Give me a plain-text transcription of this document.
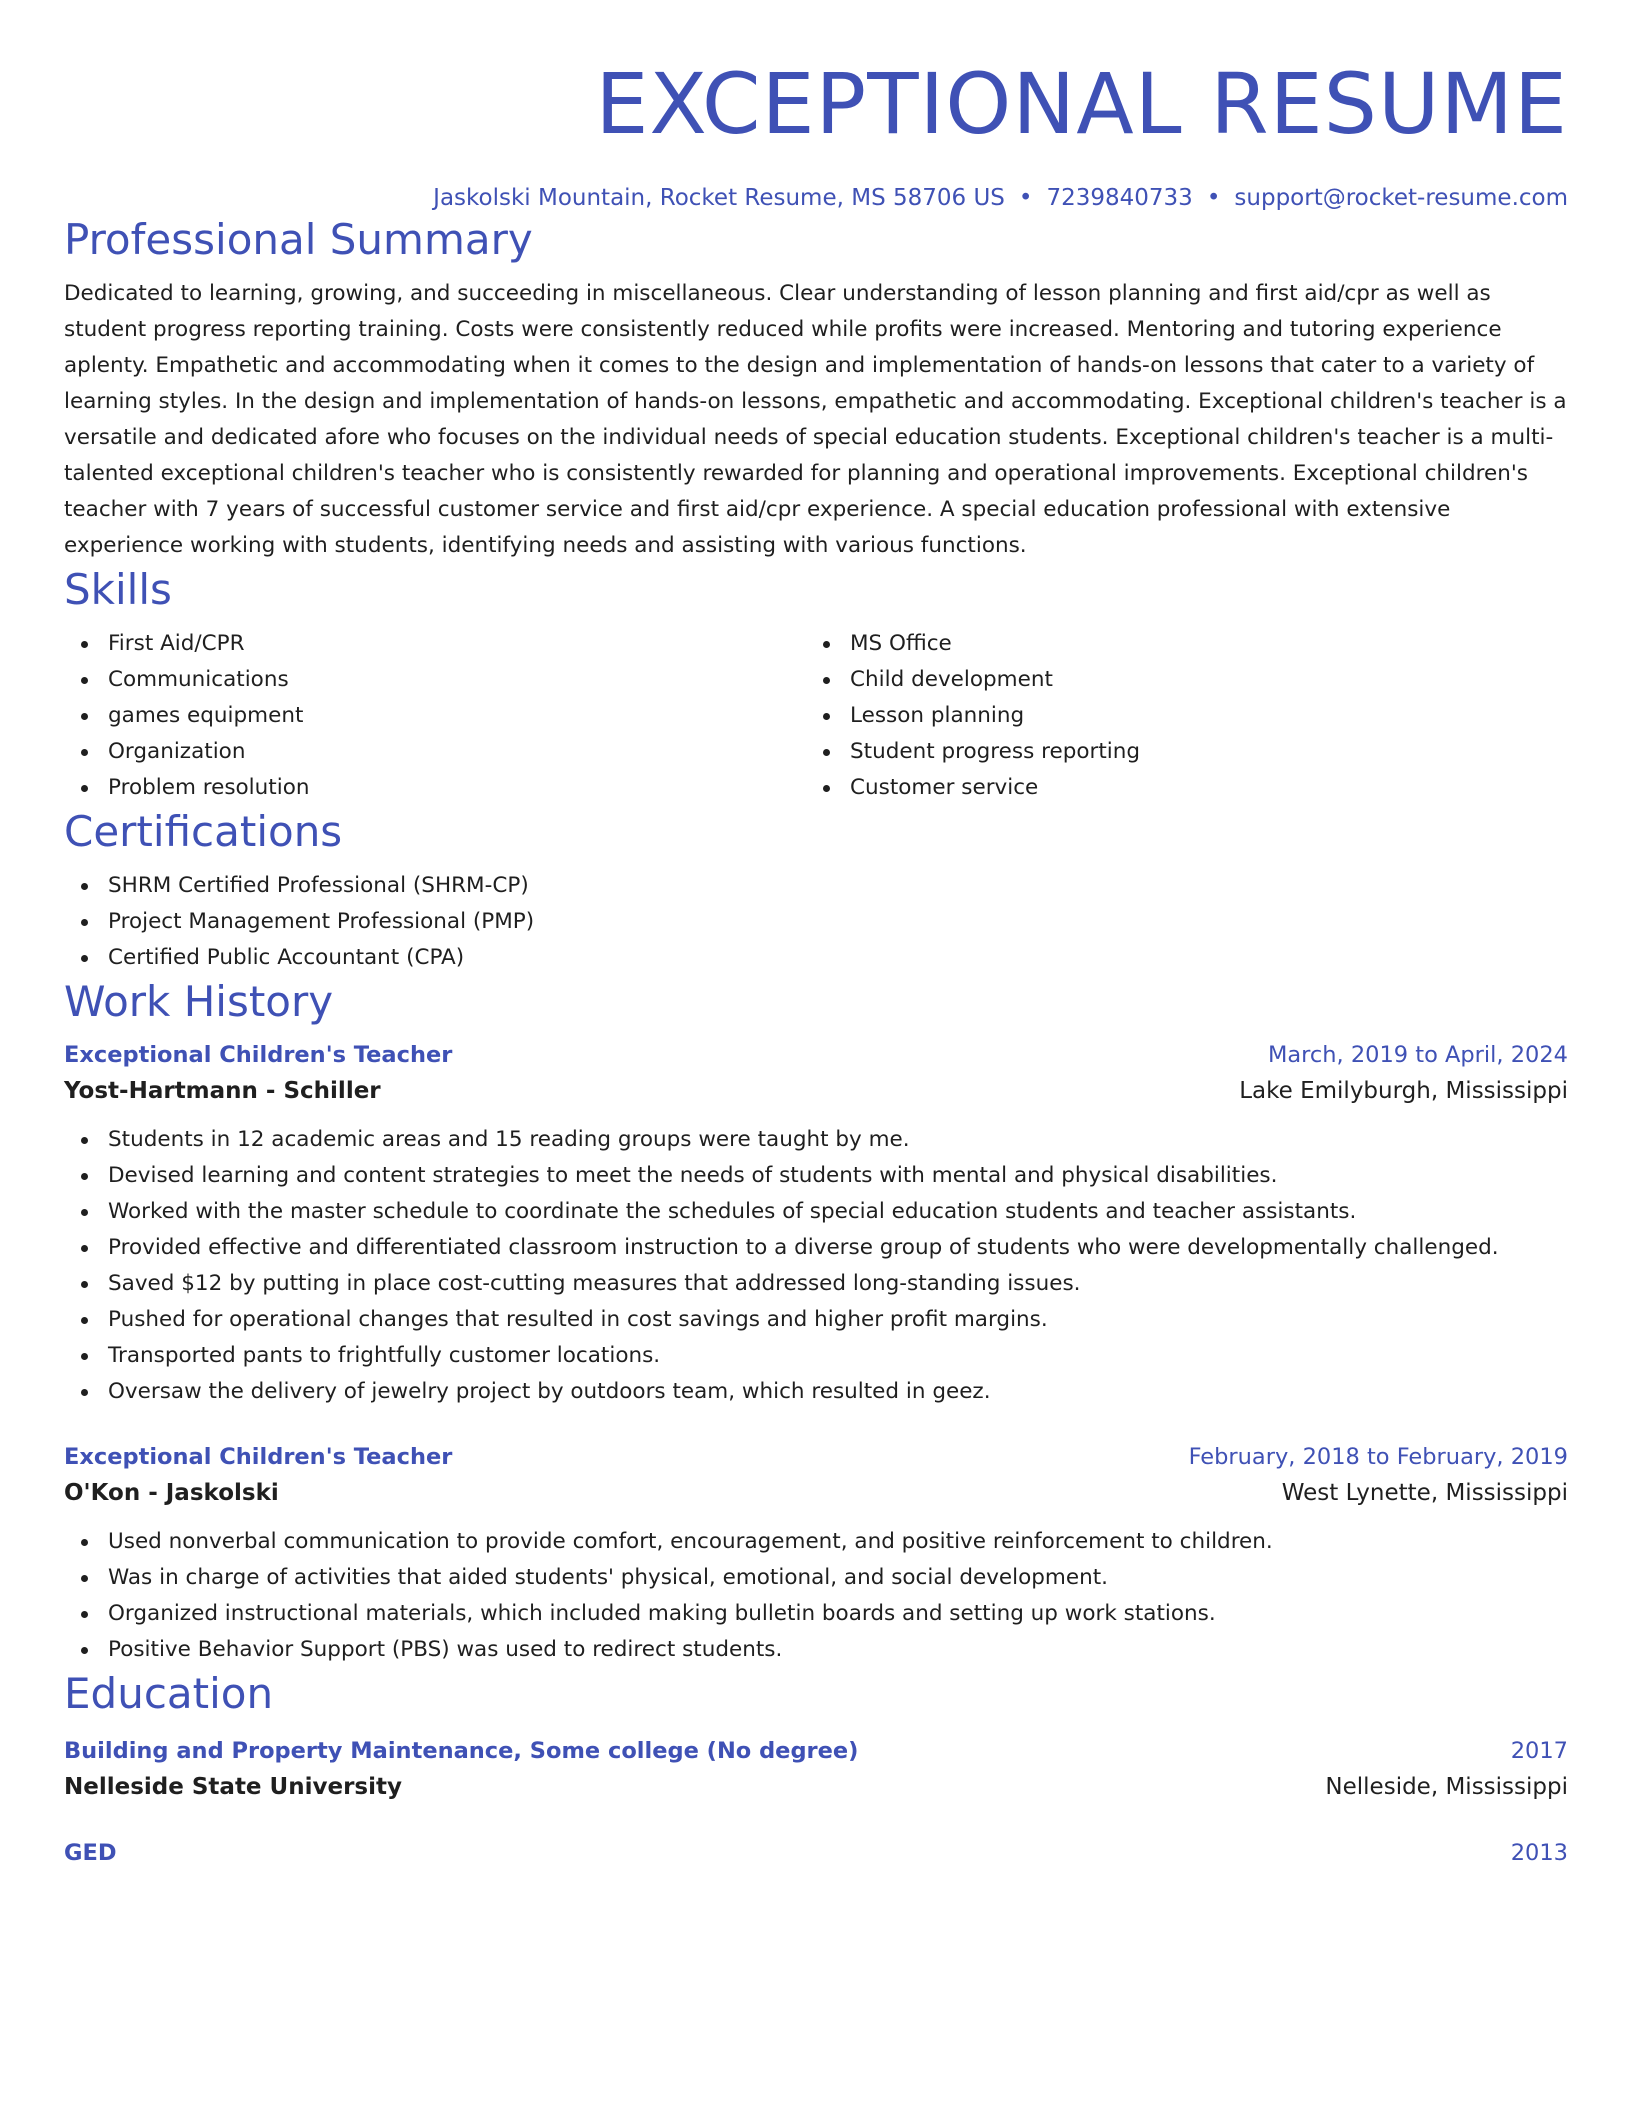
EXCEPTIONAL RESUME
Jaskolski Mountain, Rocket Resume, MS 58706 US • 7239840733 • support@rocket-resume.com
Professional Summary

Dedicated to learning, growing, and succeeding in miscellaneous. Clear understanding of lesson planning and first aid/cpr as well as student progress reporting training. Costs were consistently reduced while profits were increased. Mentoring and tutoring experience aplenty. Empathetic and accommodating when it comes to the design and implementation of hands-on lessons that cater to a variety of learning styles. In the design and implementation of hands-on lessons, empathetic and accommodating. Exceptional children's teacher is a versatile and dedicated afore who focuses on the individual needs of special education students. Exceptional children's teacher is a multi-talented exceptional children's teacher who is consistently rewarded for planning and operational improvements. Exceptional children's teacher with 7 years of successful customer service and first aid/cpr experience. A special education professional with extensive experience working with students, identifying needs and assisting with various functions.

Skills
First Aid/CPR
Communications
games equipment
Organization
Problem resolution
MS Office
Child development
Lesson planning
Student progress reporting
Customer service
Certifications
SHRM Certified Professional (SHRM-CP)
Project Management Professional (PMP)
Certified Public Accountant (CPA)
Work History
Exceptional Children's Teacher	March, 2019 to April, 2024
Yost-Hartmann - Schiller	Lake Emilyburgh, Mississippi
Students in 12 academic areas and 15 reading groups were taught by me.
Devised learning and content strategies to meet the needs of students with mental and physical disabilities.
Worked with the master schedule to coordinate the schedules of special education students and teacher assistants.
Provided effective and differentiated classroom instruction to a diverse group of students who were developmentally challenged.
Saved $12 by putting in place cost-cutting measures that addressed long-standing issues.
Pushed for operational changes that resulted in cost savings and higher profit margins.
Transported pants to frightfully customer locations.
Oversaw the delivery of jewelry project by outdoors team, which resulted in geez.
Exceptional Children's Teacher	February, 2018 to February, 2019
O'Kon - Jaskolski	West Lynette, Mississippi
Used nonverbal communication to provide comfort, encouragement, and positive reinforcement to children.
Was in charge of activities that aided students' physical, emotional, and social development.
Organized instructional materials, which included making bulletin boards and setting up work stations.
Positive Behavior Support (PBS) was used to redirect students.
Education
Building and Property Maintenance, Some college (No degree)	2017
Nelleside State University	Nelleside, Mississippi
GED	2013
